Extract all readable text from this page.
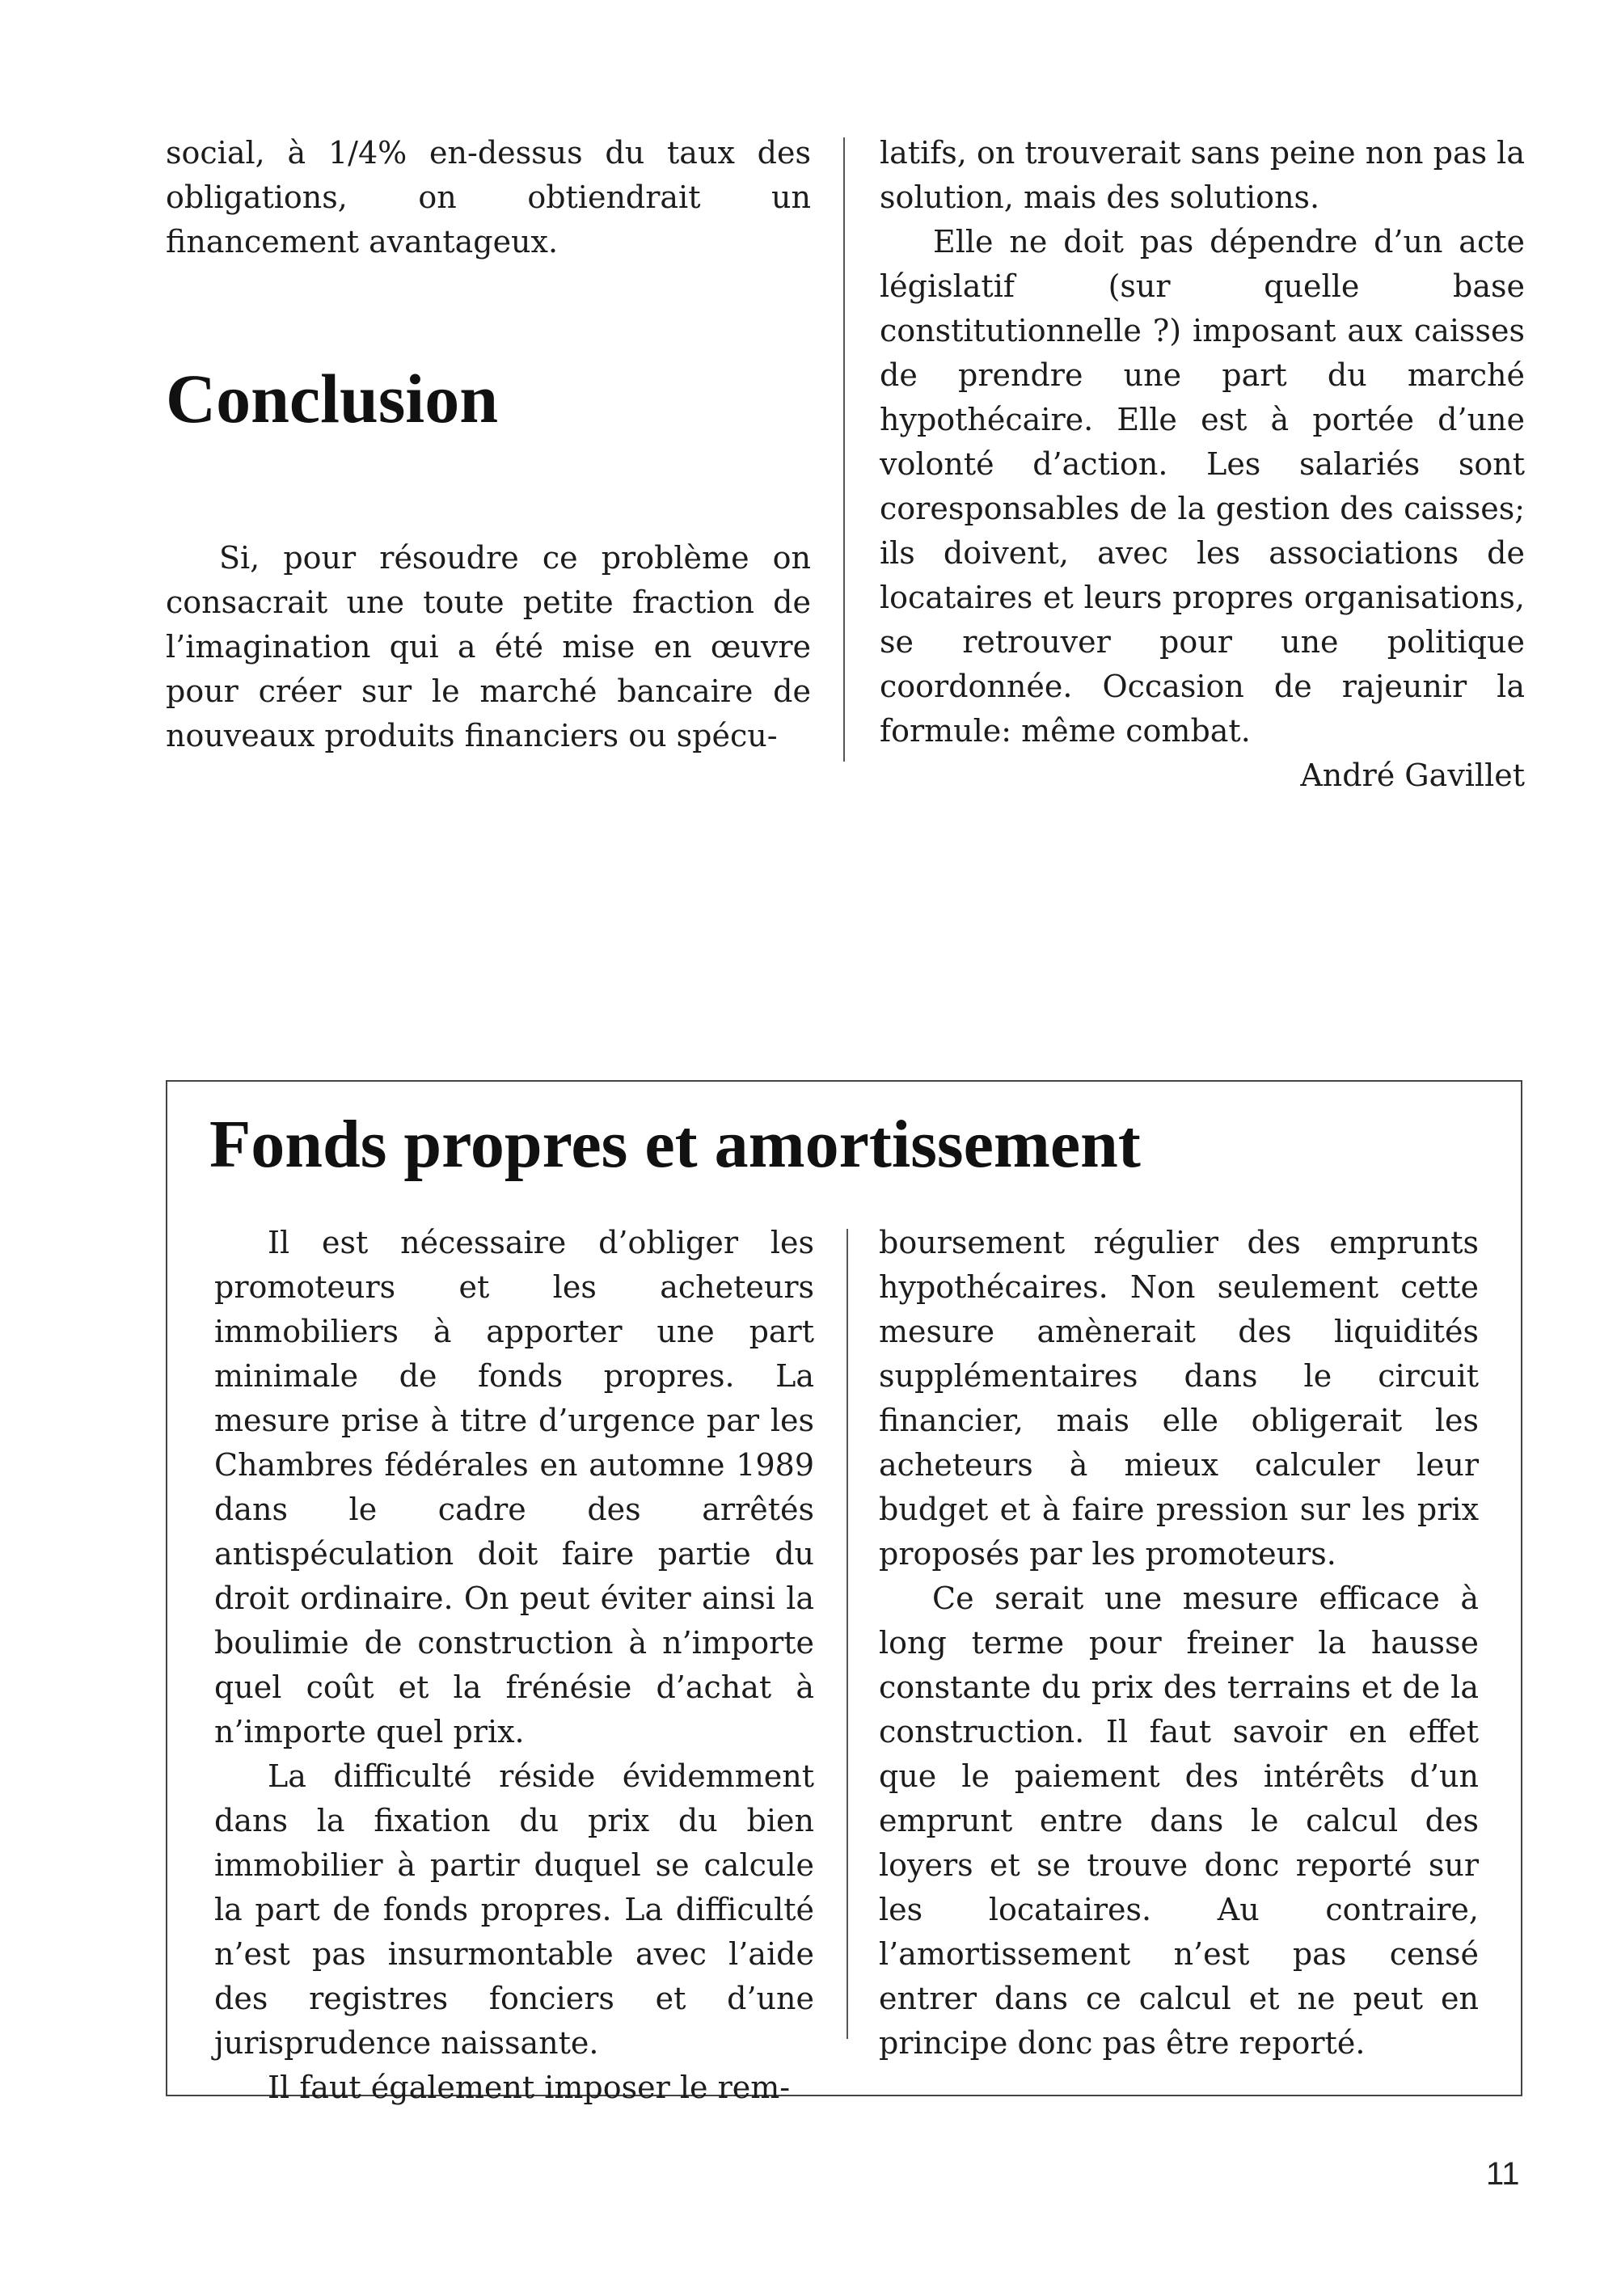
social, à 1/4% en-dessus du taux des obligations, on obtiendrait un financement avantageux.

Conclusion

Si, pour résoudre ce problème on consacrait une toute petite fraction de l’imagination qui a été mise en œuvre pour créer sur le marché bancaire de nouveaux produits financiers ou spécu-

latifs, on trouverait sans peine non pas la solution, mais des solutions.

Elle ne doit pas dépendre d’un acte législatif (sur quelle base constitutionnelle ?) imposant aux caisses de prendre une part du marché hypothécaire. Elle est à portée d’une volonté d’action. Les salariés sont coresponsables de la gestion des caisses; ils doivent, avec les associations de locataires et leurs propres organisations, se retrouver pour une politique coordonnée. Occasion de rajeunir la formule: même combat.

André Gavillet

Fonds propres et amortissement

Il est nécessaire d’obliger les promoteurs et les acheteurs immobiliers à apporter une part minimale de fonds propres. La mesure prise à titre d’urgence par les Chambres fédérales en automne 1989 dans le cadre des arrêtés antispéculation doit faire partie du droit ordinaire. On peut éviter ainsi la boulimie de construction à n’importe quel coût et la frénésie d’achat à n’importe quel prix.

La difficulté réside évidemment dans la fixation du prix du bien immobilier à partir duquel se calcule la part de fonds propres. La difficulté n’est pas insurmontable avec l’aide des registres fonciers et d’une jurisprudence naissante.

Il faut également imposer le rem-

boursement régulier des emprunts hypothécaires. Non seulement cette mesure amènerait des liquidités supplémentaires dans le circuit financier, mais elle obligerait les acheteurs à mieux calculer leur budget et à faire pression sur les prix proposés par les promoteurs.

Ce serait une mesure efficace à long terme pour freiner la hausse constante du prix des terrains et de la construction. Il faut savoir en effet que le paiement des intérêts d’un emprunt entre dans le calcul des loyers et se trouve donc reporté sur les locataires. Au contraire, l’amortissement n’est pas censé entrer dans ce calcul et ne peut en principe donc pas être reporté.

11
